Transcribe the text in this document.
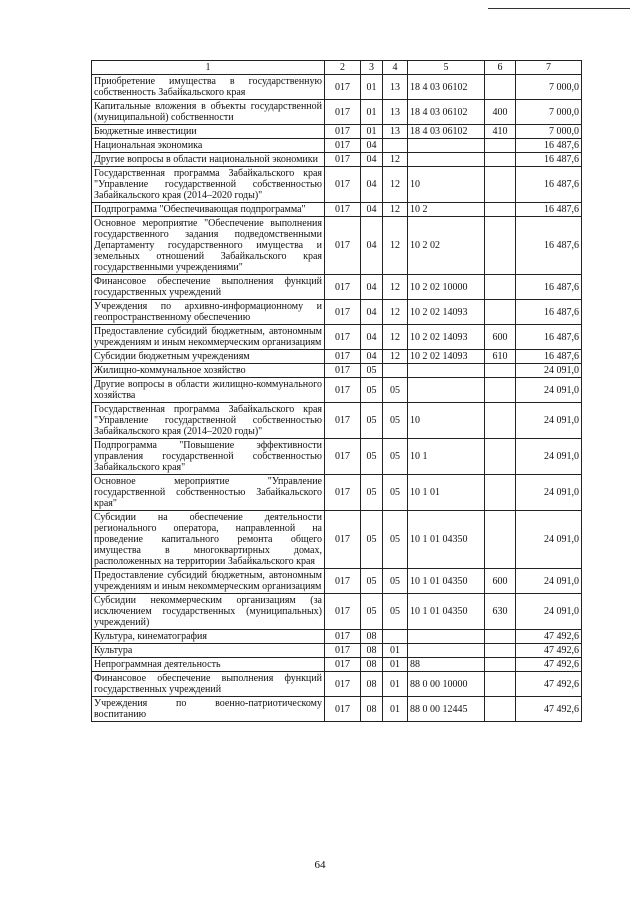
1	2	3	4	5	6	7
Приобретение имущества в государственную собственность Забайкальского края	017	01	13	18 4 03 06102		7 000,0
Капитальные вложения в объекты государственной (муниципальной) собственности	017	01	13	18 4 03 06102	400	7 000,0
Бюджетные инвестиции	017	01	13	18 4 03 06102	410	7 000,0
Национальная экономика	017	04				16 487,6
Другие вопросы в области национальной экономики	017	04	12			16 487,6
Государственная программа Забайкальского края "Управление государственной собственностью Забайкальского края (2014–2020 годы)"	017	04	12	10		16 487,6
Подпрограмма "Обеспечивающая подпрограмма"	017	04	12	10 2		16 487,6
Основное мероприятие "Обеспечение выполнения государственного задания подведомственными Департаменту государственного имущества и земельных отношений Забайкальского края государственными учреждениями"	017	04	12	10 2 02		16 487,6
Финансовое обеспечение выполнения функций государственных учреждений	017	04	12	10 2 02 10000		16 487,6
Учреждения по архивно-информационному и геопространственному обеспечению	017	04	12	10 2 02 14093		16 487,6
Предоставление субсидий бюджетным, автономным учреждениям и иным некоммерческим организациям	017	04	12	10 2 02 14093	600	16 487,6
Субсидии бюджетным учреждениям	017	04	12	10 2 02 14093	610	16 487,6
Жилищно-коммунальное хозяйство	017	05				24 091,0
Другие вопросы в области жилищно-коммунального хозяйства	017	05	05			24 091,0
Государственная программа Забайкальского края "Управление государственной собственностью Забайкальского края (2014–2020 годы)"	017	05	05	10		24 091,0
Подпрограмма "Повышение эффективности управления государственной собственностью Забайкальского края"	017	05	05	10 1		24 091,0
Основное мероприятие "Управление государственной собственностью Забайкальского края"	017	05	05	10 1 01		24 091,0
Субсидии на обеспечение деятельности регионального оператора, направленной на проведение капитального ремонта общего имущества в многоквартирных домах, расположенных на территории Забайкальского края	017	05	05	10 1 01 04350		24 091,0
Предоставление субсидий бюджетным, автономным учреждениям и иным некоммерческим организациям	017	05	05	10 1 01 04350	600	24 091,0
Субсидии некоммерческим организациям (за исключением государственных (муниципальных) учреждений)	017	05	05	10 1 01 04350	630	24 091,0
Культура, кинематография	017	08				47 492,6
Культура	017	08	01			47 492,6
Непрограммная деятельность	017	08	01	88		47 492,6
Финансовое обеспечение выполнения функций государственных учреждений	017	08	01	88 0 00 10000		47 492,6
Учреждения по военно-патриотическому воспитанию	017	08	01	88 0 00 12445		47 492,6
64
